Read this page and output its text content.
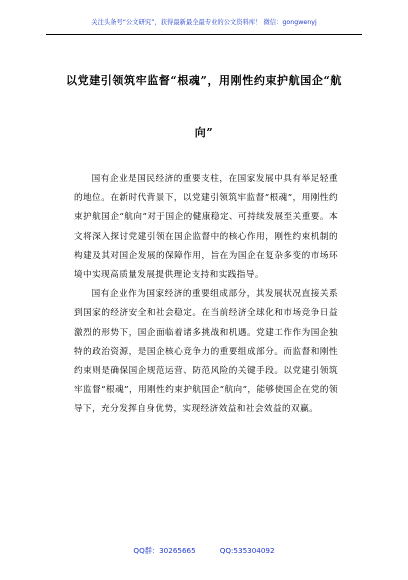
关注头条号“公文研究”，获得最新最全最专业的公文资料库！ 微信：gongwenyj
以党建引领筑牢监督“根魂”，用刚性约束护航国企“航
向”

国有企业是国民经济的重要支柱，在国家发展中具有举足轻重的地位。在新时代背景下，以党建引领筑牢监督“根魂”，用刚性约束护航国企“航向”对于国企的健康稳定、可持续发展至关重要。本文将深入探讨党建引领在国企监督中的核心作用，刚性约束机制的构建及其对国企发展的保障作用，旨在为国企在复杂多变的市场环境中实现高质量发展提供理论支持和实践指导。

国有企业作为国家经济的重要组成部分，其发展状况直接关系到国家的经济安全和社会稳定。在当前经济全球化和市场竞争日益激烈的形势下，国企面临着诸多挑战和机遇。党建工作作为国企独特的政治资源，是国企核心竞争力的重要组成部分。而监督和刚性约束则是确保国企规范运营、防范风险的关键手段。以党建引领筑牢监督“根魂”，用刚性约束护航国企“航向”，能够使国企在党的领导下，充分发挥自身优势，实现经济效益和社会效益的双赢。

QQ群：30265665	QQ:535304092
